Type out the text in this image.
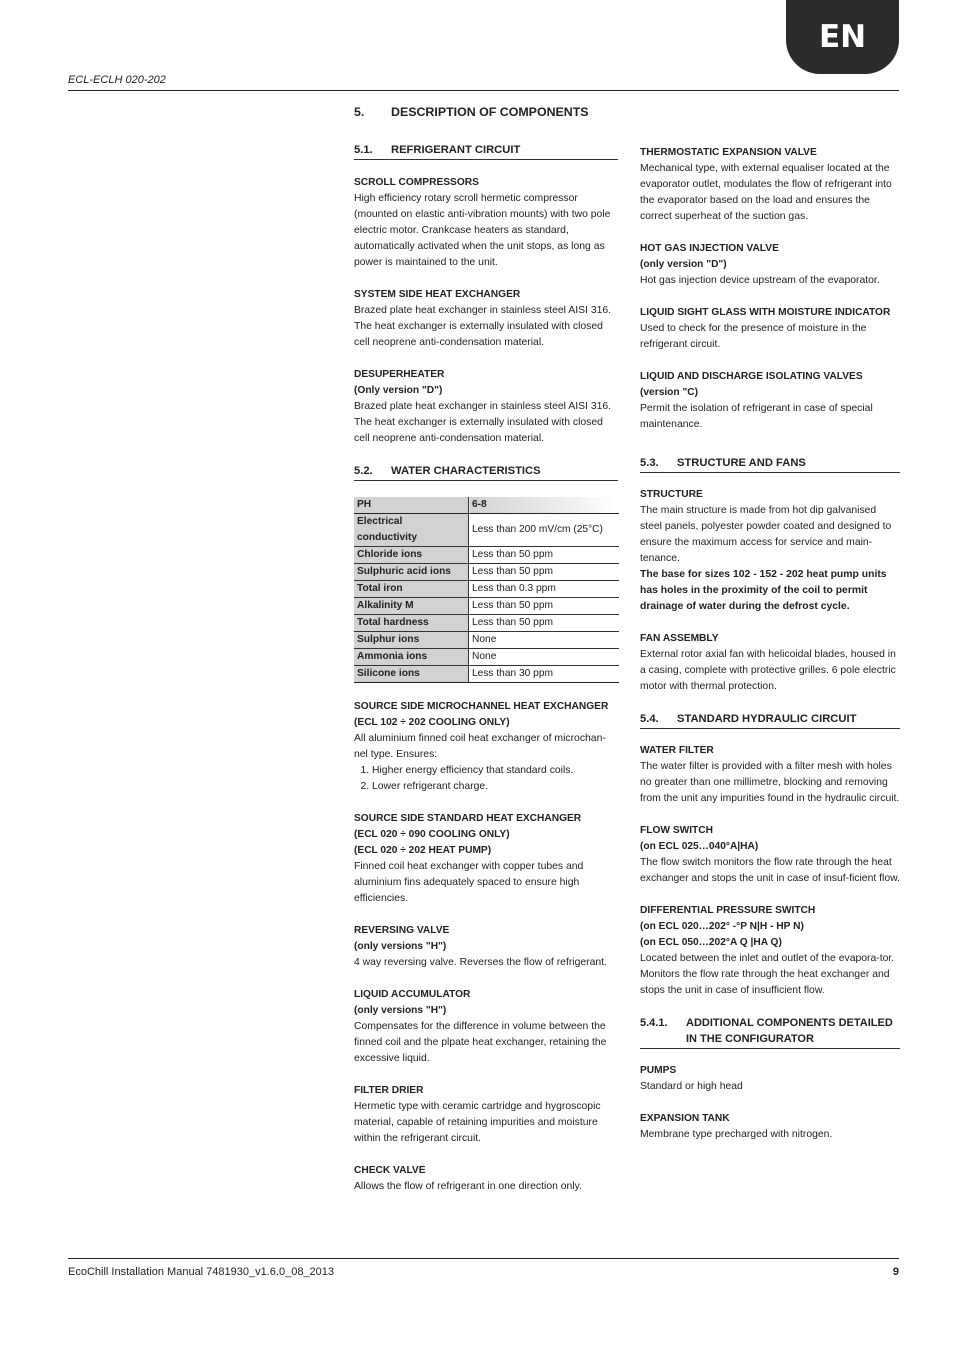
EN
ECL-ECLH 020-202
5.	DESCRIPTION OF COMPONENTS
5.1.	REFRIGERANT CIRCUIT
SCROLL COMPRESSORS

High efficiency rotary scroll hermetic compressor (mounted on elastic anti-vibration mounts) with two pole electric motor. Crankcase heaters as standard, automatically activated when the unit stops, as long as power is maintained to the unit.

SYSTEM SIDE HEAT EXCHANGER

Brazed plate heat exchanger in stainless steel AISI 316. The heat exchanger is externally insulated with closed cell neoprene anti-condensation material.

DESUPERHEATER
(Only version "D")

Brazed plate heat exchanger in stainless steel AISI 316. The heat exchanger is externally insulated with closed cell neoprene anti-condensation material.

5.2.	WATER CHARACTERISTICS
PH	6-8
Electrical conductivity	Less than 200 mV/cm (25°C)
Chloride ions	Less than 50 ppm
Sulphuric acid ions	Less than 50 ppm
Total iron	Less than 0.3 ppm
Alkalinity M	Less than 50 ppm
Total hardness	Less than 50 ppm
Sulphur ions	None
Ammonia ions	None
Silicone ions	Less than 30 ppm
SOURCE SIDE MICROCHANNEL HEAT EXCHANGER
(ECL 102 ÷ 202 COOLING ONLY)

All aluminium finned coil heat exchanger of microchan-nel type. Ensures:

1. Higher energy efficiency that standard coils.
2. Lower refrigerant charge.
SOURCE SIDE STANDARD HEAT EXCHANGER
(ECL 020 ÷ 090 COOLING ONLY)
(ECL 020 ÷ 202 HEAT PUMP)

Finned coil heat exchanger with copper tubes and aluminium fins adequately spaced to ensure high efficiencies.

REVERSING VALVE
(only versions "H")

4 way reversing valve. Reverses the flow of refrigerant.

LIQUID ACCUMULATOR
(only versions "H")

Compensates for the difference in volume between the finned coil and the plpate heat exchanger, retaining the excessive liquid.

FILTER DRIER

Hermetic type with ceramic cartridge and hygroscopic material, capable of retaining impurities and moisture within the refrigerant circuit.

CHECK VALVE

Allows the flow of refrigerant in one direction only.

THERMOSTATIC EXPANSION VALVE

Mechanical type, with external equaliser located at the evaporator outlet, modulates the flow of refrigerant into the evaporator based on the load and ensures the correct superheat of the suction gas.

HOT GAS INJECTION VALVE
(only version "D")

Hot gas injection device upstream of the evaporator.

LIQUID SIGHT GLASS WITH MOISTURE INDICATOR

Used to check for the presence of moisture in the refrigerant circuit.

LIQUID AND DISCHARGE ISOLATING VALVES
(version "C)

Permit the isolation of refrigerant in case of special maintenance.

5.3.	STRUCTURE AND FANS
STRUCTURE

The main structure is made from hot dip galvanised steel panels, polyester powder coated and designed to ensure the maximum access for service and main-tenance.

The base for sizes 102 - 152 - 202 heat pump units has holes in the proximity of the coil to permit drainage of water during the defrost cycle.

FAN ASSEMBLY

External rotor axial fan with helicoidal blades, housed in a casing, complete with protective grilles. 6 pole electric motor with thermal protection.

5.4.	STANDARD HYDRAULIC CIRCUIT
WATER FILTER

The water filter is provided with a filter mesh with holes no greater than one millimetre, blocking and removing from the unit any impurities found in the hydraulic circuit.

FLOW SWITCH
(on ECL 025…040°A|HA)

The flow switch monitors the flow rate through the heat exchanger and stops the unit in case of insuf-ficient flow.

DIFFERENTIAL PRESSURE SWITCH
(on ECL 020…202° -°P N|H - HP N)
(on ECL 050…202°A Q |HA Q)

Located between the inlet and outlet of the evapora-tor. Monitors the flow rate through the heat exchanger and stops the unit in case of insufficient flow.

5.4.1.	ADDITIONAL COMPONENTS DETAILED IN THE CONFIGURATOR
PUMPS

Standard or high head

EXPANSION TANK

Membrane type precharged with nitrogen.

EcoChill Installation Manual 7481930_v1.6.0_08_2013	9
